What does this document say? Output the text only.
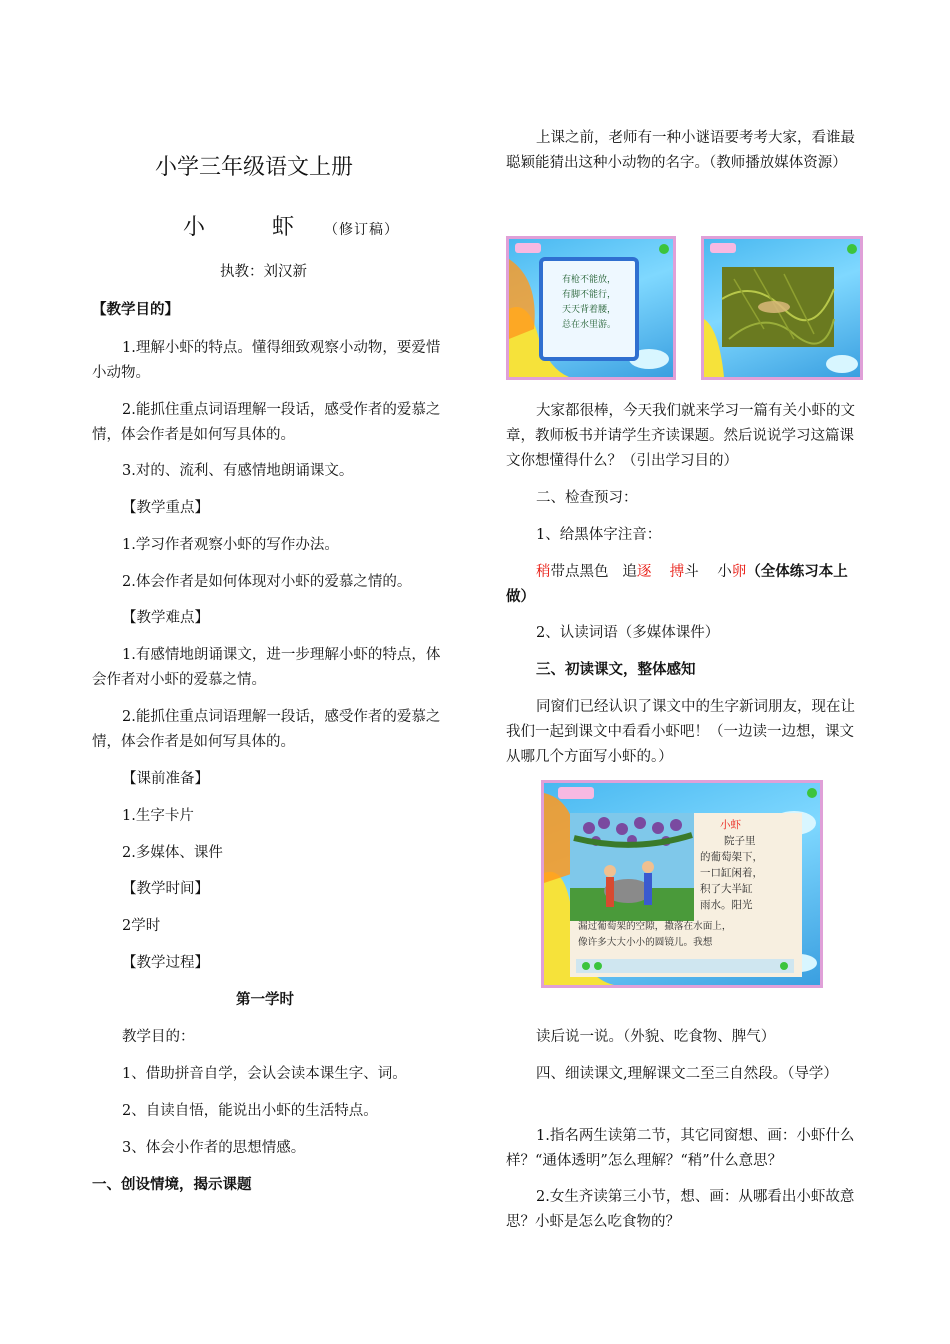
小学三年级语文上册
小 虾（修订稿）
执教：刘汉新
【教学目的】
1.理解小虾的特点。懂得细致观察小动物，要爱惜小动物。
2.能抓住重点词语理解一段话，感受作者的爱慕之情，体会作者是如何写具体的。
3.对的、流利、有感情地朗诵课文。
【教学重点】
1.学习作者观察小虾的写作办法。
2.体会作者是如何体现对小虾的爱慕之情的。
【教学难点】
1.有感情地朗诵课文，进一步理解小虾的特点，体会作者对小虾的爱慕之情。
2.能抓住重点词语理解一段话，感受作者的爱慕之情，体会作者是如何写具体的。
【课前准备】
1.生字卡片
2.多媒体、课件
【教学时间】
2学时
【教学过程】
第一学时
教学目的：
1、借助拼音自学，会认会读本课生字、词。
2、自读自悟，能说出小虾的生活特点。
3、体会小作者的思想情感。
一、创设情境，揭示课题
上课之前，老师有一种小谜语要考考大家，看谁最聪颖能猜出这种小动物的名字。（教师播放媒体资源）
有枪不能放，
有脚不能行，
天天背着腰，
总在水里游。
大家都很棒，今天我们就来学习一篇有关小虾的文章，教师板书并请学生齐读课题。然后说说学习这篇课文你想懂得什么？（引出学习目的）
二、检查预习：
1、给黑体字注音：
稍带点黑色 追逐 搏斗 小卵（全体练习本上做）
2、认读词语（多媒体课件）
三、初读课文，整体感知
同窗们已经认识了课文中的生字新词朋友，现在让我们一起到课文中看看小虾吧！（一边读一边想，课文从哪几个方面写小虾的。）
小虾
院子里
的葡萄架下，
一口缸闲着，
积了大半缸
雨水。阳光
漏过葡萄架的空隙，撒落在水面上，
像许多大大小小的圆镜儿。我想
读后说一说。（外貌、吃食物、脾气）
四、细读课文,理解课文二至三自然段。（导学）
1.指名两生读第二节，其它同窗想、画：小虾什么样？“通体透明”怎么理解？“稍”什么意思？
2.女生齐读第三小节，想、画：从哪看出小虾故意思？小虾是怎么吃食物的？
